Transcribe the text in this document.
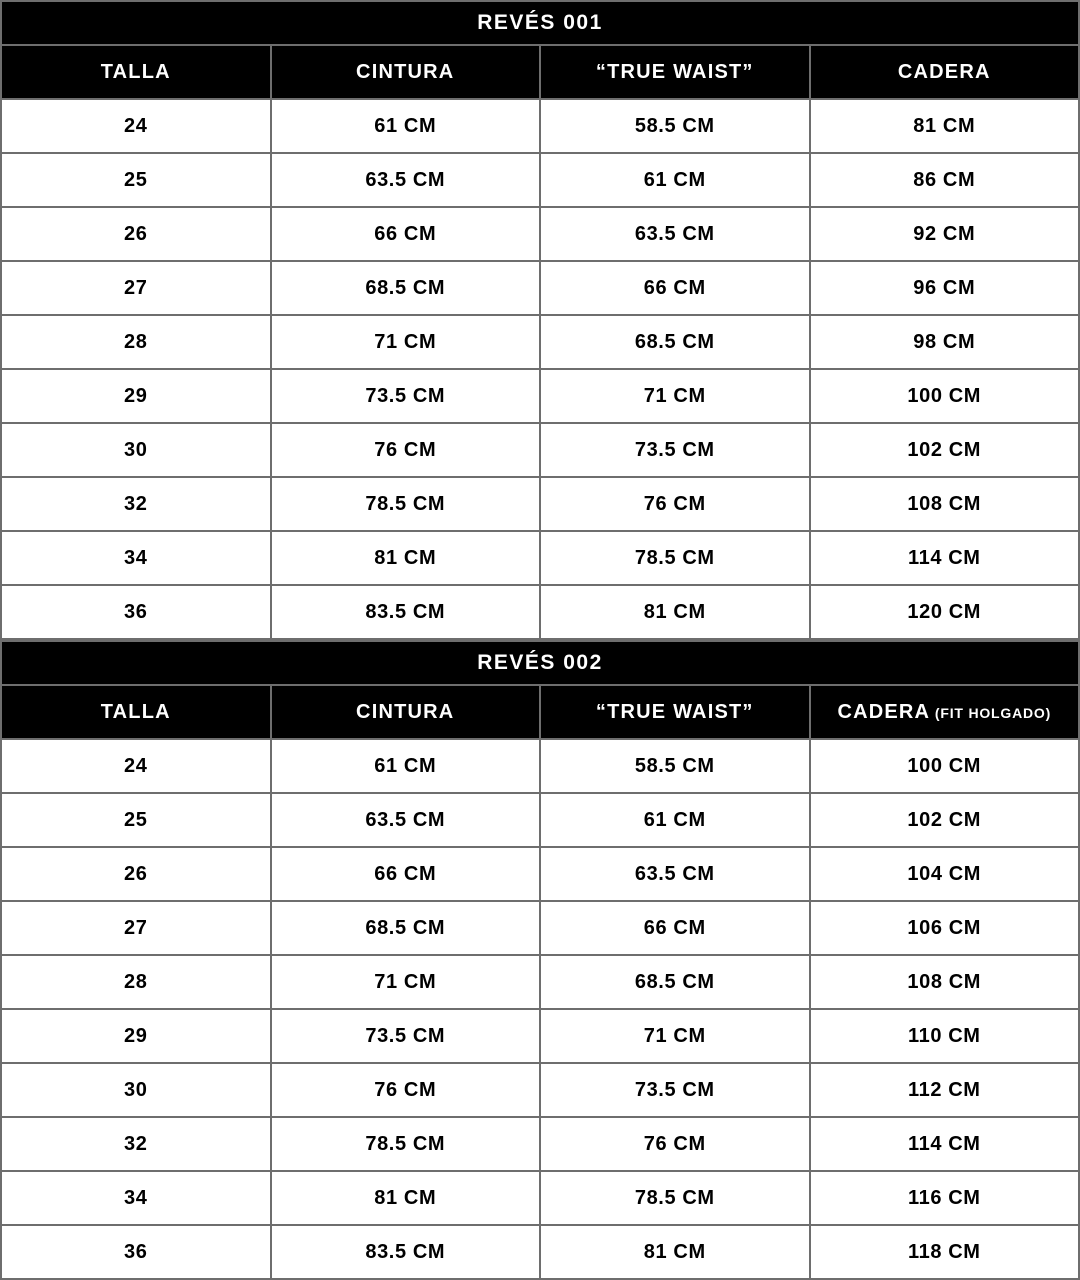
REVÉS 001			
TALLA	CINTURA	“TRUE WAIST”	CADERA
24	61 CM	58.5 CM	81 CM
25	63.5 CM	61 CM	86 CM
26	66 CM	63.5 CM	92 CM
27	68.5 CM	66 CM	96 CM
28	71 CM	68.5 CM	98 CM
29	73.5 CM	71 CM	100 CM
30	76 CM	73.5 CM	102 CM
32	78.5 CM	76 CM	108 CM
34	81 CM	78.5 CM	114 CM
36	83.5 CM	81 CM	120 CM
REVÉS 002			
TALLA	CINTURA	“TRUE WAIST”	CADERA (FIT HOLGADO)
24	61 CM	58.5 CM	100 CM
25	63.5 CM	61 CM	102 CM
26	66 CM	63.5 CM	104 CM
27	68.5 CM	66 CM	106 CM
28	71 CM	68.5 CM	108 CM
29	73.5 CM	71 CM	110 CM
30	76 CM	73.5 CM	112 CM
32	78.5 CM	76 CM	114 CM
34	81 CM	78.5 CM	116 CM
36	83.5 CM	81 CM	118 CM
